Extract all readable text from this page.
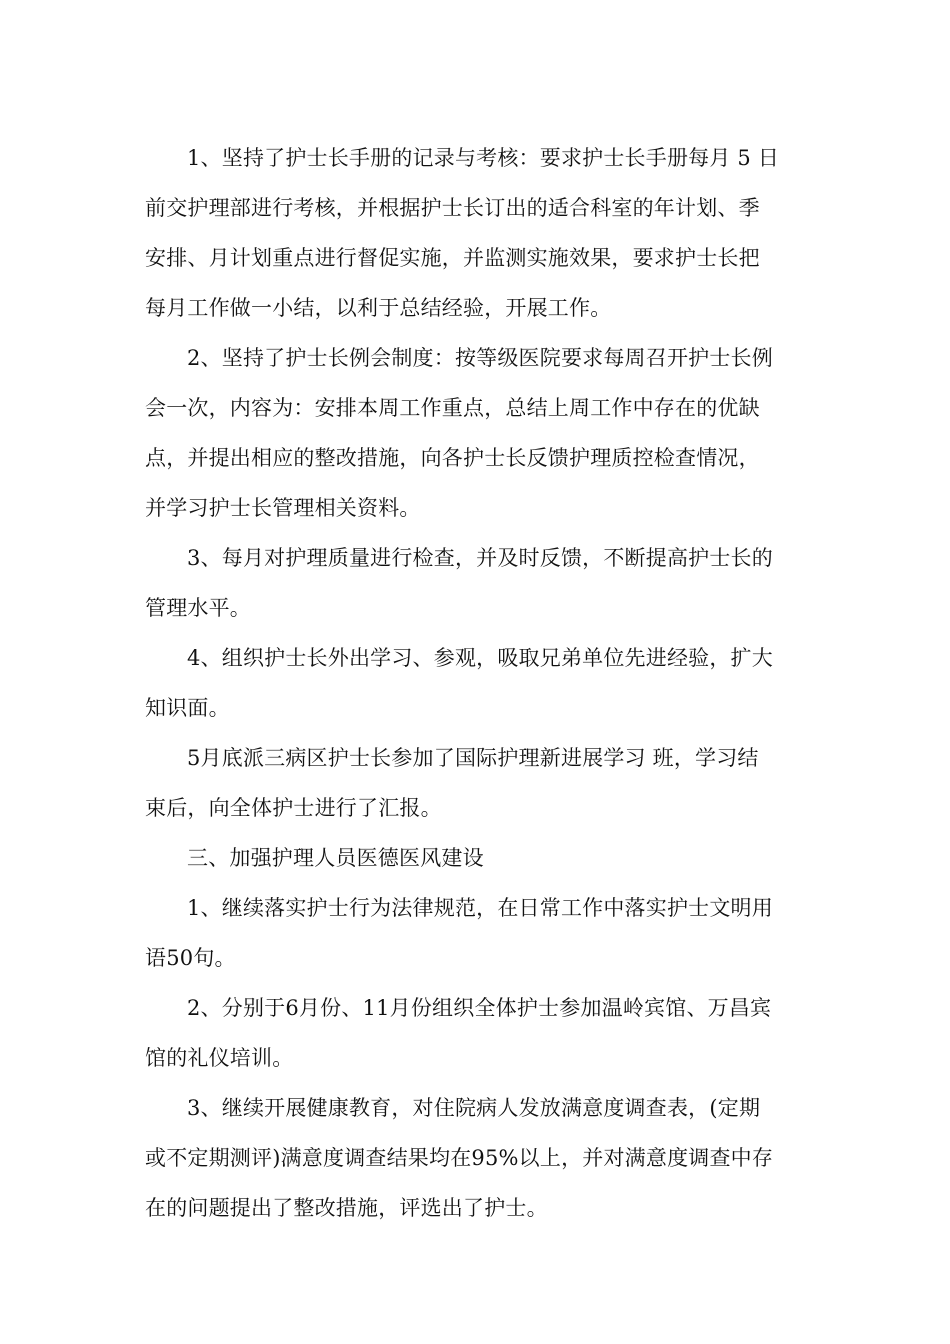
1、坚持了护士长手册的记录与考核：要求护士长手册每月 5 日
前交护理部进行考核，并根据护士长订出的适合科室的年计划、季
安排、月计划重点进行督促实施，并监测实施效果，要求护士长把
每月工作做一小结，以利于总结经验，开展工作。

2、坚持了护士长例会制度：按等级医院要求每周召开护士长例
会一次，内容为：安排本周工作重点，总结上周工作中存在的优缺
点，并提出相应的整改措施，向各护士长反馈护理质控检查情况，
并学习护士长管理相关资料。

3、每月对护理质量进行检查，并及时反馈，不断提高护士长的
管理水平。

4、组织护士长外出学习、参观，吸取兄弟单位先进经验，扩大
知识面。

5月底派三病区护士长参加了国际护理新进展学习 班，学习结
束后，向全体护士进行了汇报。

三、加强护理人员医德医风建设

1、继续落实护士行为法律规范，在日常工作中落实护士文明用
语50句。

2、分别于6月份、11月份组织全体护士参加温岭宾馆、万昌宾
馆的礼仪培训。

3、继续开展健康教育，对住院病人发放满意度调查表，(定期
或不定期测评)满意度调查结果均在95%以上，并对满意度调查中存
在的问题提出了整改措施，评选出了护士。
